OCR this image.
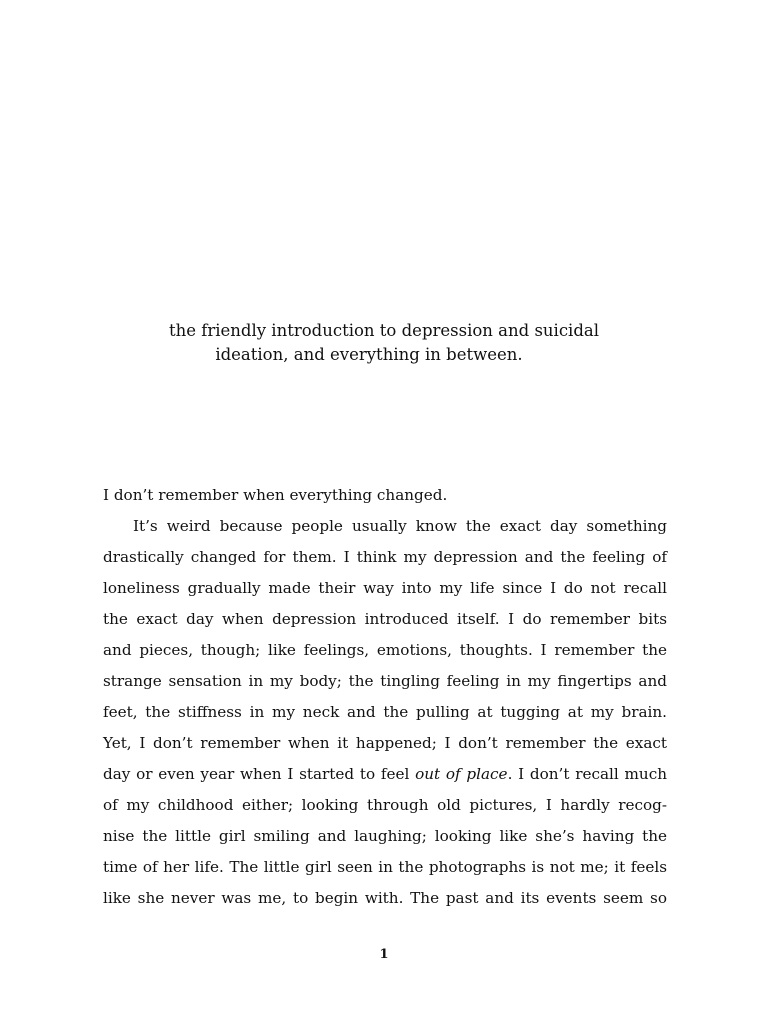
the friendly introduction to depression and suicidal
ideation, and everything in between.

I don’t remember when everything changed.

It’s weird because people usually know the exact day something
drastically changed for them. I think my depression and the feeling of
loneliness gradually made their way into my life since I do not recall
the exact day when depression introduced itself. I do remember bits
and pieces, though; like feelings, emotions, thoughts. I remember the
strange sensation in my body; the tingling feeling in my fingertips and
feet, the stiffness in my neck and the pulling at tugging at my brain.
Yet, I don’t remember when it happened; I don’t remember the exact
day or even year when I started to feel out of place. I don’t recall much
of my childhood either; looking through old pictures, I hardly recog-
nise the little girl smiling and laughing; looking like she’s having the
time of her life. The little girl seen in the photographs is not me; it feels
like she never was me, to begin with. The past and its events seem so
1
